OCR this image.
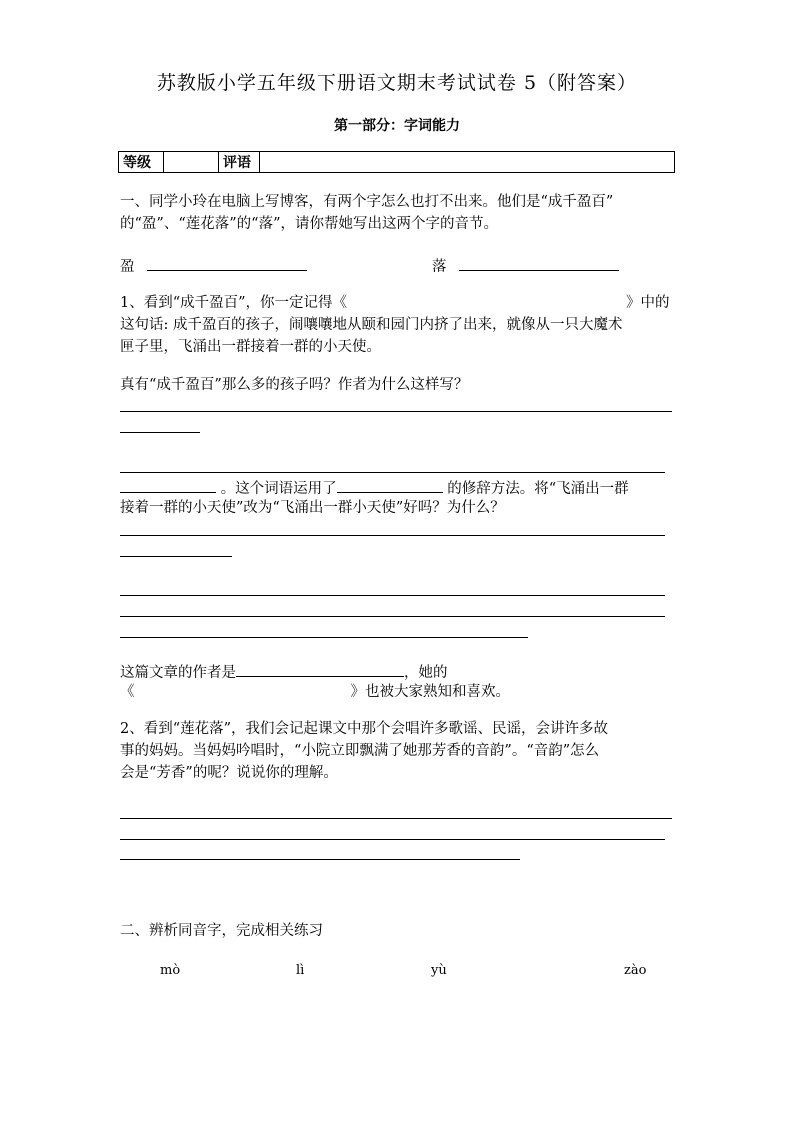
苏教版小学五年级下册语文期末考试试卷 5（附答案）
第一部分：字词能力
等级		评语	
一、同学小玲在电脑上写博客，有两个字怎么也打不出来。他们是“成千盈百”
的“盈”、“莲花落”的“落”，请你帮她写出这两个字的音节。
盈	落
1、看到“成千盈百”，你一定记得《	》中的
这句话: 成千盈百的孩子，闹嚷嚷地从颐和园门内挤了出来，就像从一只大魔术
匣子里，飞涌出一群接着一群的小天使。
真有“成千盈百”那么多的孩子吗？作者为什么这样写？
。这个词语运用了	的修辞方法。将“飞涌出一群
接着一群的小天使”改为“飞涌出一群小天使”好吗？为什么？
这篇文章的作者是	，她的
《	》也被大家熟知和喜欢。
2、看到“莲花落”，我们会记起课文中那个会唱许多歌谣、民谣，会讲许多故
事的妈妈。当妈妈吟唱时，“小院立即飘满了她那芳香的音韵”。“音韵”怎么
会是“芳香”的呢？说说你的理解。
二、辨析同音字，完成相关练习
mò	lì	yù	zào
